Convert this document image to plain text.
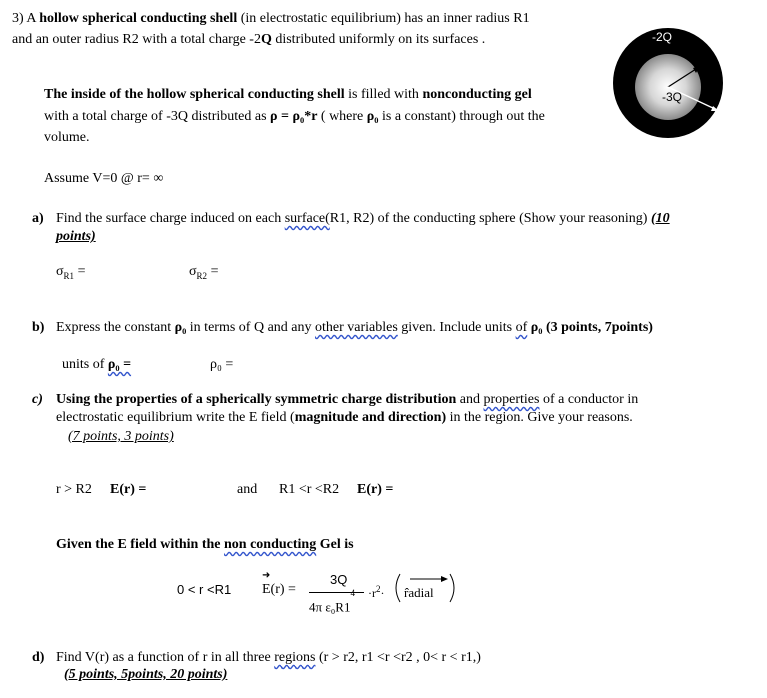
3) A hollow spherical conducting shell (in electrostatic equilibrium) has an inner radius R1
and an outer radius R2 with a total charge -2Q distributed uniformly on its surfaces .	-2Q
-3Q
The inside of the hollow spherical conducting shell is filled with nonconducting gel
with a total charge of -3Q distributed as ρ = ρ₀*r ( where ρ₀ is a constant) through out the
volume.
Assume V=0 @ r= ∞
a) Find the surface charge induced on each surface(R1, R2) of the conducting sphere (Show your reasoning) (10
points)
$\sigma_{R1}$ =	$\sigma_{R2}$ =
b) Express the constant ρ₀ in terms of Q and any other variables given. Include units of ρ₀ (3 points, 7points)
units of ρ₀ =	ρ₀ =
c) Using the properties of a spherically symmetric charge distribution and properties of a conductor in
electrostatic equilibrium write the E field (magnitude and direction) in the region. Give your reasons.
(7 points, 3 points)
r > R2 E(r) =	and R1 <r <R2 E(r) =
Given the E field within the non conducting Gel is
0 < r <R1
➜
E(r) =
3Q
4π $\varepsilon_0R1^4 \cdot r^2\cdot$ r̂adial
d) Find V(r) as a function of r in all three regions (r > r2, r1 <r <r2 , 0< r < r1,)
(5 points, 5points, 20 points)
